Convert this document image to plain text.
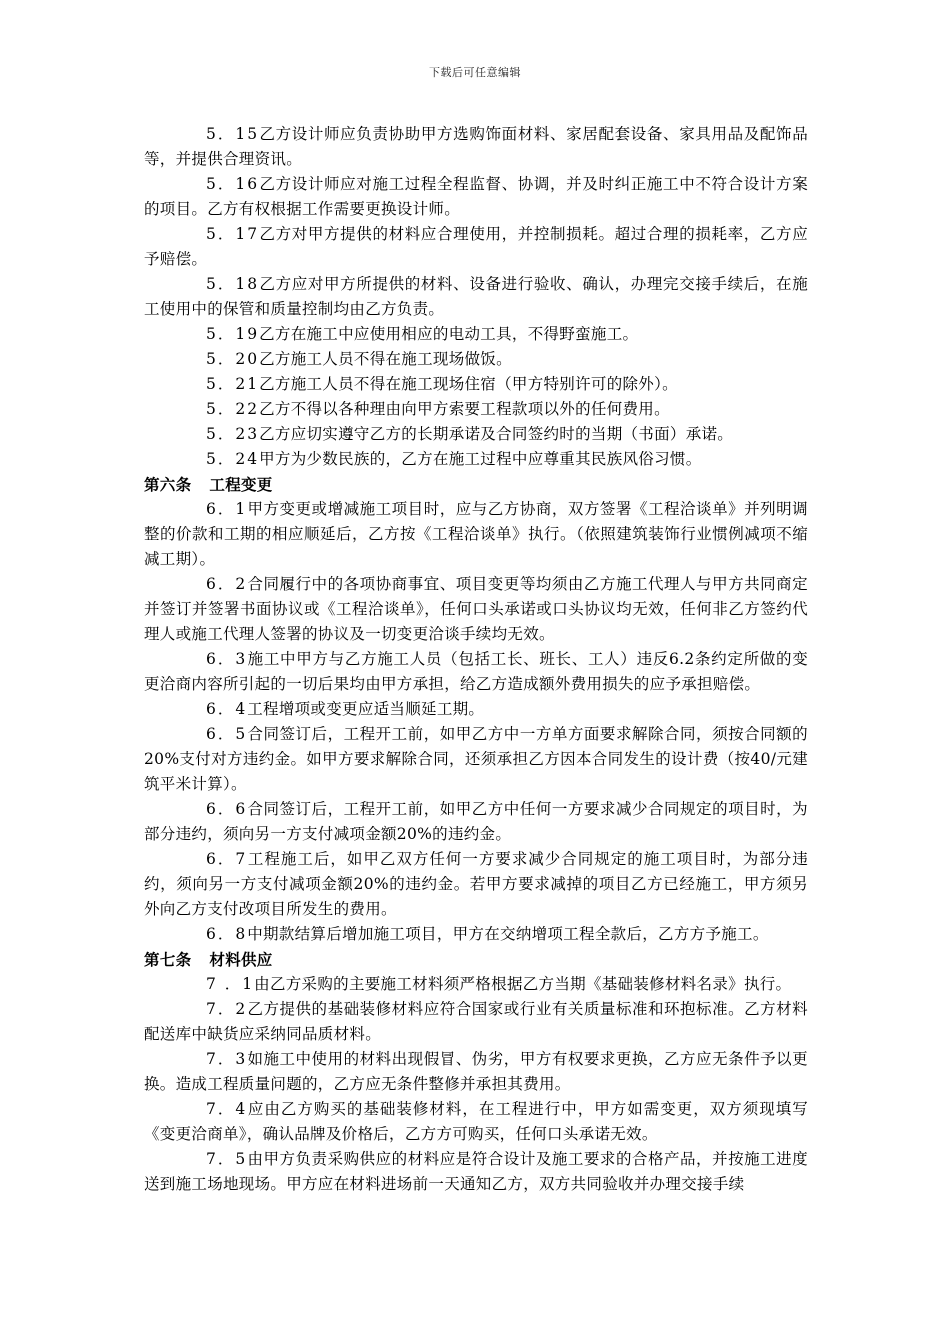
下载后可任意编辑

5．15乙方设计师应负责协助甲方选购饰面材料、家居配套设备、家具用品及配饰品等，并提供合理资讯。

5．16乙方设计师应对施工过程全程监督、协调，并及时纠正施工中不符合设计方案的项目。乙方有权根据工作需要更换设计师。

5．17乙方对甲方提供的材料应合理使用，并控制损耗。超过合理的损耗率，乙方应予赔偿。

5．18乙方应对甲方所提供的材料、设备进行验收、确认，办理完交接手续后，在施工使用中的保管和质量控制均由乙方负责。

5．19乙方在施工中应使用相应的电动工具，不得野蛮施工。

5．20乙方施工人员不得在施工现场做饭。

5．21乙方施工人员不得在施工现场住宿（甲方特别许可的除外）。

5．22乙方不得以各种理由向甲方索要工程款项以外的任何费用。

5．23乙方应切实遵守乙方的长期承诺及合同签约时的当期（书面）承诺。

5．24甲方为少数民族的，乙方在施工过程中应尊重其民族风俗习惯。

第六条 工程变更

6．1甲方变更或增减施工项目时，应与乙方协商，双方签署《工程洽谈单》并列明调整的价款和工期的相应顺延后，乙方按《工程洽谈单》执行。（依照建筑装饰行业惯例减项不缩减工期）。

6．2合同履行中的各项协商事宜、项目变更等均须由乙方施工代理人与甲方共同商定并签订并签署书面协议或《工程洽谈单》，任何口头承诺或口头协议均无效，任何非乙方签约代理人或施工代理人签署的协议及一切变更洽谈手续均无效。

6．3施工中甲方与乙方施工人员（包括工长、班长、工人）违反6.2条约定所做的变更洽商内容所引起的一切后果均由甲方承担，给乙方造成额外费用损失的应予承担赔偿。

6．4工程增项或变更应适当顺延工期。

6．5合同签订后，工程开工前，如甲乙方中一方单方面要求解除合同，须按合同额的20%支付对方违约金。如甲方要求解除合同，还须承担乙方因本合同发生的设计费（按40/元建筑平米计算）。

6．6合同签订后，工程开工前，如甲乙方中任何一方要求减少合同规定的项目时，为部分违约，须向另一方支付减项金额20%的违约金。

6．7工程施工后，如甲乙双方任何一方要求减少合同规定的施工项目时，为部分违约，须向另一方支付减项金额20%的违约金。若甲方要求减掉的项目乙方已经施工，甲方须另外向乙方支付改项目所发生的费用。

6．8中期款结算后增加施工项目，甲方在交纳增项工程全款后，乙方方予施工。

第七条 材料供应

7 ．1由乙方采购的主要施工材料须严格根据乙方当期《基础装修材料名录》执行。

7．2乙方提供的基础装修材料应符合国家或行业有关质量标准和环抱标准。乙方材料配送库中缺货应采纳同品质材料。

7．3如施工中使用的材料出现假冒、伪劣，甲方有权要求更换，乙方应无条件予以更换。造成工程质量问题的，乙方应无条件整修并承担其费用。

7．4应由乙方购买的基础装修材料，在工程进行中，甲方如需变更，双方须现填写《变更洽商单》，确认品牌及价格后，乙方方可购买，任何口头承诺无效。

7．5由甲方负责采购供应的材料应是符合设计及施工要求的合格产品，并按施工进度送到施工场地现场。甲方应在材料进场前一天通知乙方，双方共同验收并办理交接手续
